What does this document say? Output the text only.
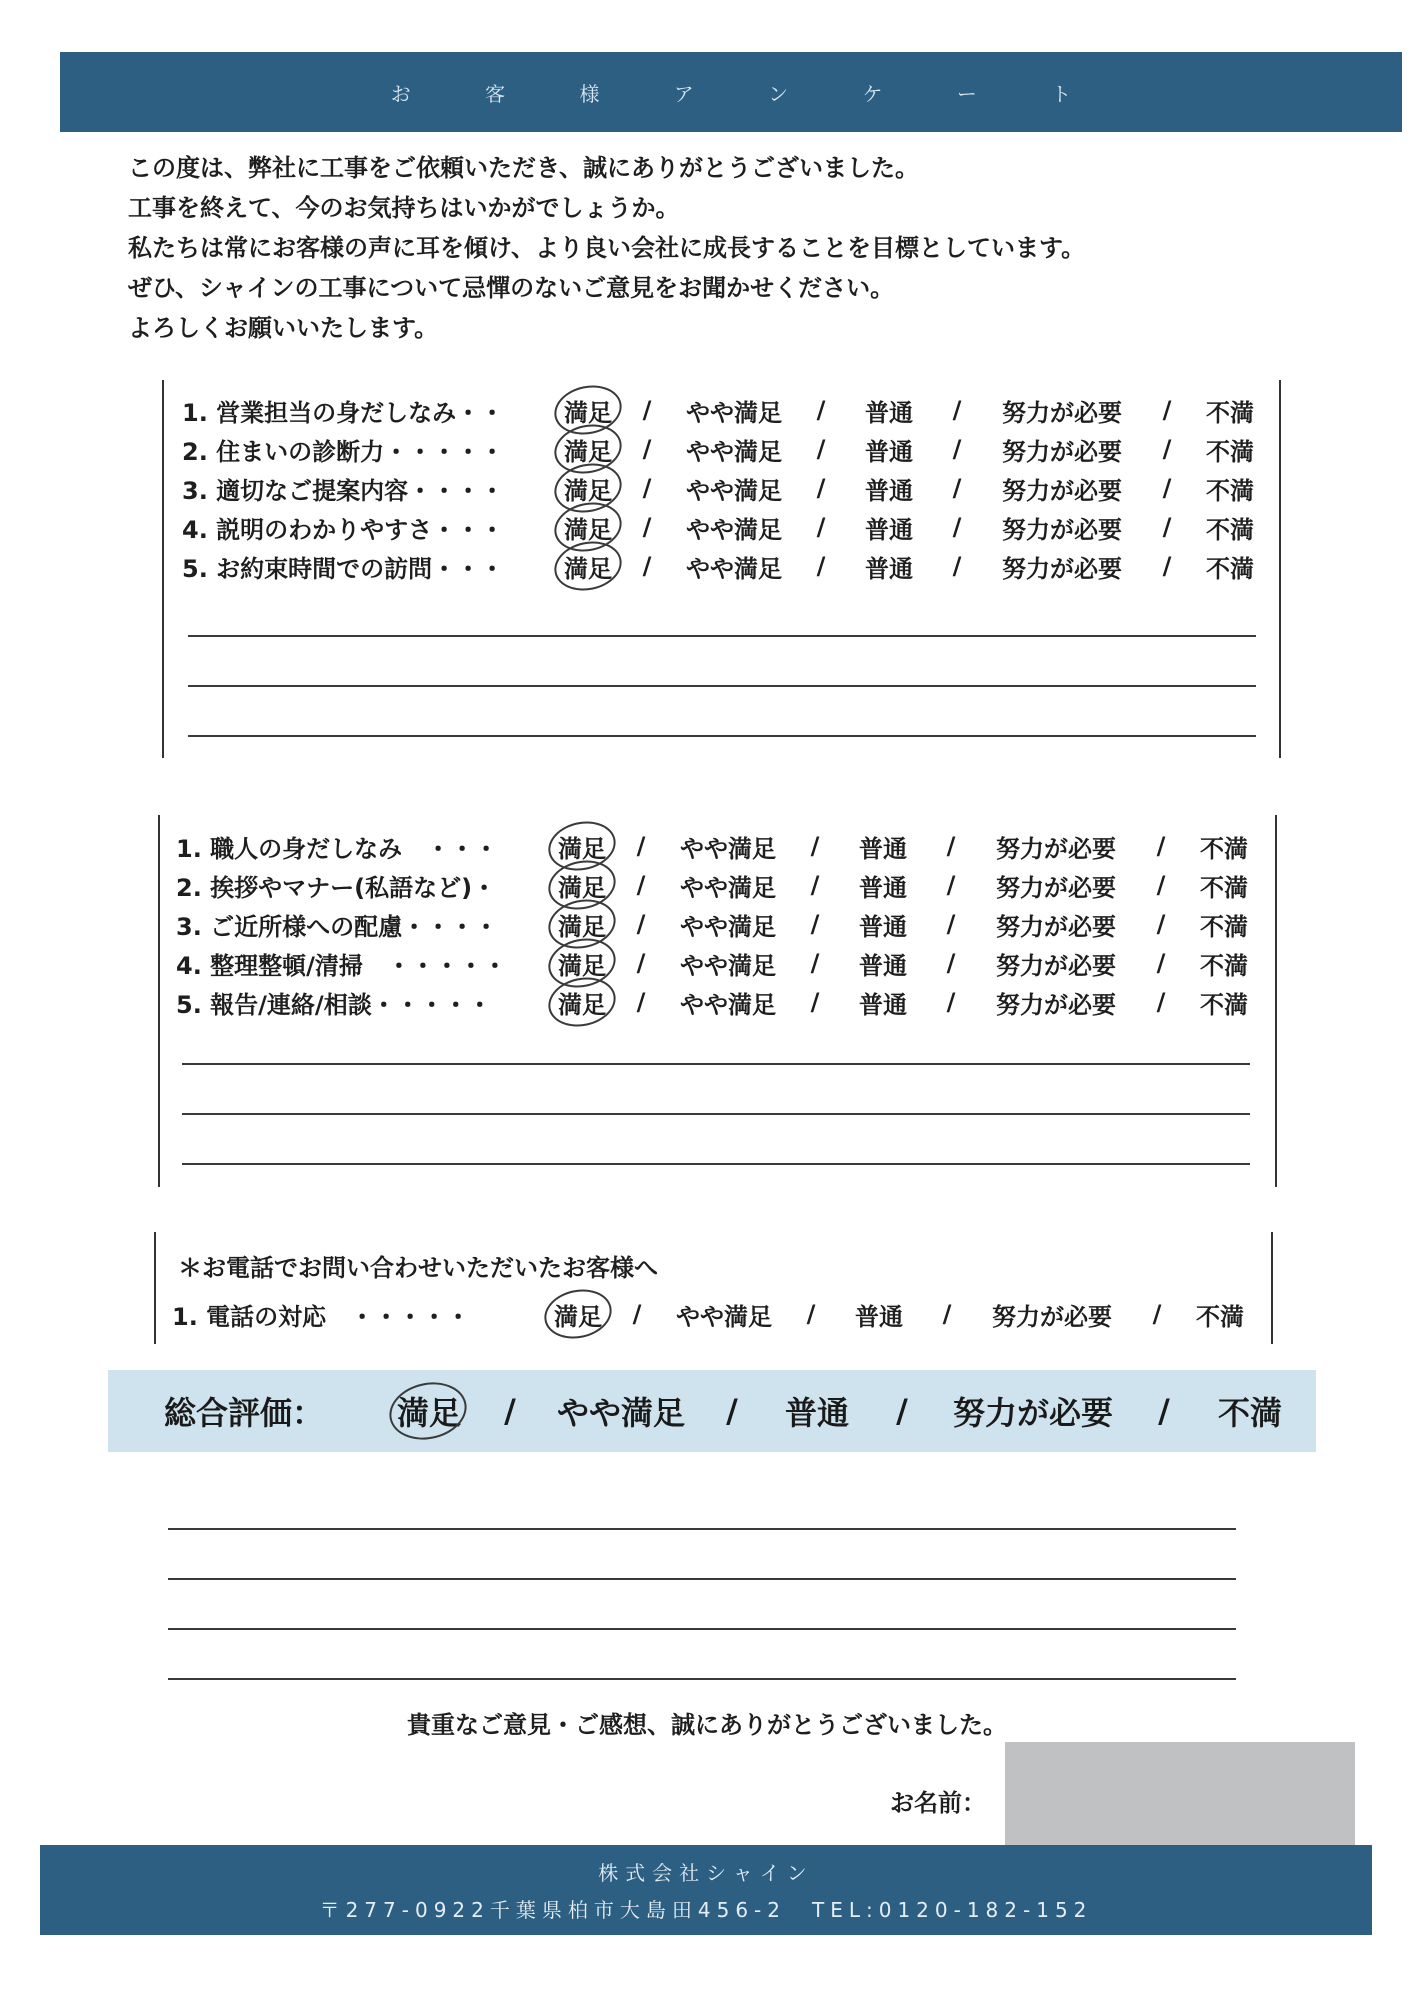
お 客 様 ア ン ケ ー ト
この度は、弊社に工事をご依頼いただき、誠にありがとうございました。
工事を終えて、今のお気持ちはいかがでしょうか。
私たちは常にお客様の声に耳を傾け、より良い会社に成長することを目標としています。
ぜひ、シャインの工事について忌憚のないご意見をお聞かせください。
よろしくお願いいたします。
1. 営業担当の身だしなみ・・	満足	/	やや満足	/	普通	/	努力が必要	/	不満
2. 住まいの診断力・・・・・	満足	/	やや満足	/	普通	/	努力が必要	/	不満
3. 適切なご提案内容・・・・	満足	/	やや満足	/	普通	/	努力が必要	/	不満
4. 説明のわかりやすさ・・・	満足	/	やや満足	/	普通	/	努力が必要	/	不満
5. お約束時間での訪問・・・	満足	/	やや満足	/	普通	/	努力が必要	/	不満
1. 職人の身だしなみ　・・・	満足	/	やや満足	/	普通	/	努力が必要	/	不満
2. 挨拶やマナー(私語など)・	満足	/	やや満足	/	普通	/	努力が必要	/	不満
3. ご近所様への配慮・・・・	満足	/	やや満足	/	普通	/	努力が必要	/	不満
4. 整理整頓/清掃　・・・・・	満足	/	やや満足	/	普通	/	努力が必要	/	不満
5. 報告/連絡/相談・・・・・	満足	/	やや満足	/	普通	/	努力が必要	/	不満
＊お電話でお問い合わせいただいたお客様へ
1. 電話の対応　・・・・・	満足	/	やや満足	/	普通	/	努力が必要	/	不満
総合評価：	満足	/	やや満足	/	普通	/	努力が必要	/	不満
貴重なご意見・ご感想、誠にありがとうございました。
お名前：
株式会社シャイン
〒277-0922千葉県柏市大島田456-2　TEL:0120-182-152
